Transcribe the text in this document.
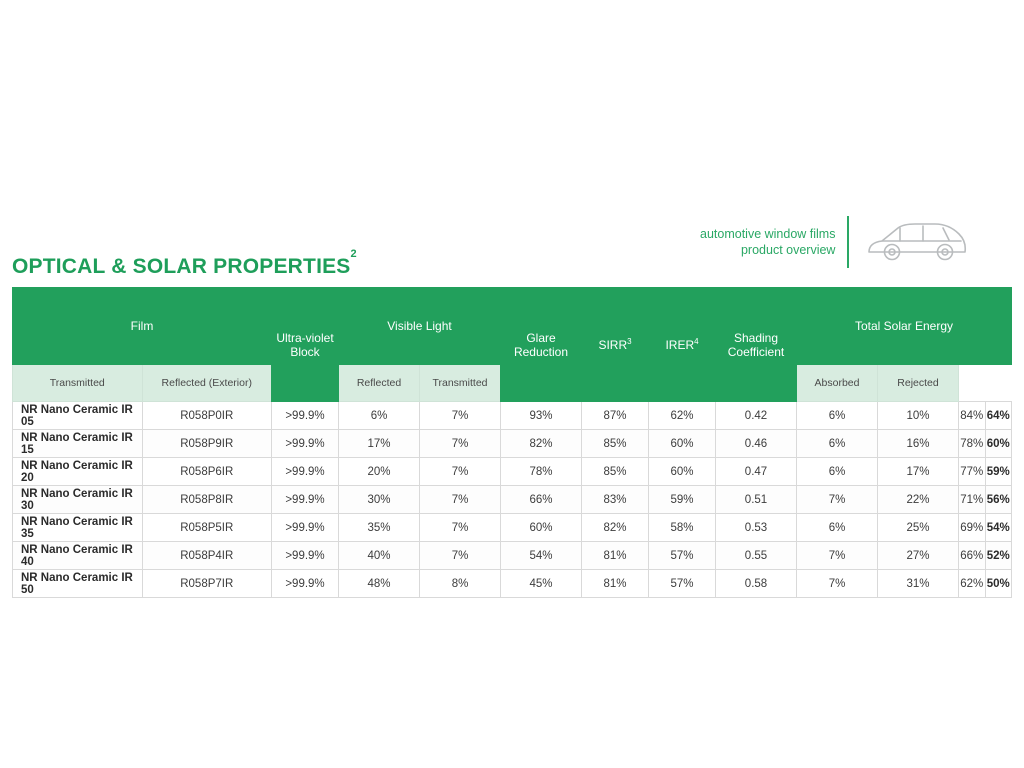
automotive window films
product overview
OPTICAL & SOLAR PROPERTIES$^2$
Film		Ultra-violet Block	Visible Light		Glare Reduction	SIRR$^3$	IRER$^4$	Shading Coefficient	Total Solar Energy			
Transmitted	Reflected (Exterior)		Reflected	Transmitted					Absorbed	Rejected		
NR Nano Ceramic IR 05	R058P0IR	>99.9%	6%	7%	93%	87%	62%	0.42	6%	10%	84%	64%
NR Nano Ceramic IR 15	R058P9IR	>99.9%	17%	7%	82%	85%	60%	0.46	6%	16%	78%	60%
NR Nano Ceramic IR 20	R058P6IR	>99.9%	20%	7%	78%	85%	60%	0.47	6%	17%	77%	59%
NR Nano Ceramic IR 30	R058P8IR	>99.9%	30%	7%	66%	83%	59%	0.51	7%	22%	71%	56%
NR Nano Ceramic IR 35	R058P5IR	>99.9%	35%	7%	60%	82%	58%	0.53	6%	25%	69%	54%
NR Nano Ceramic IR 40	R058P4IR	>99.9%	40%	7%	54%	81%	57%	0.55	7%	27%	66%	52%
NR Nano Ceramic IR 50	R058P7IR	>99.9%	48%	8%	45%	81%	57%	0.58	7%	31%	62%	50%
